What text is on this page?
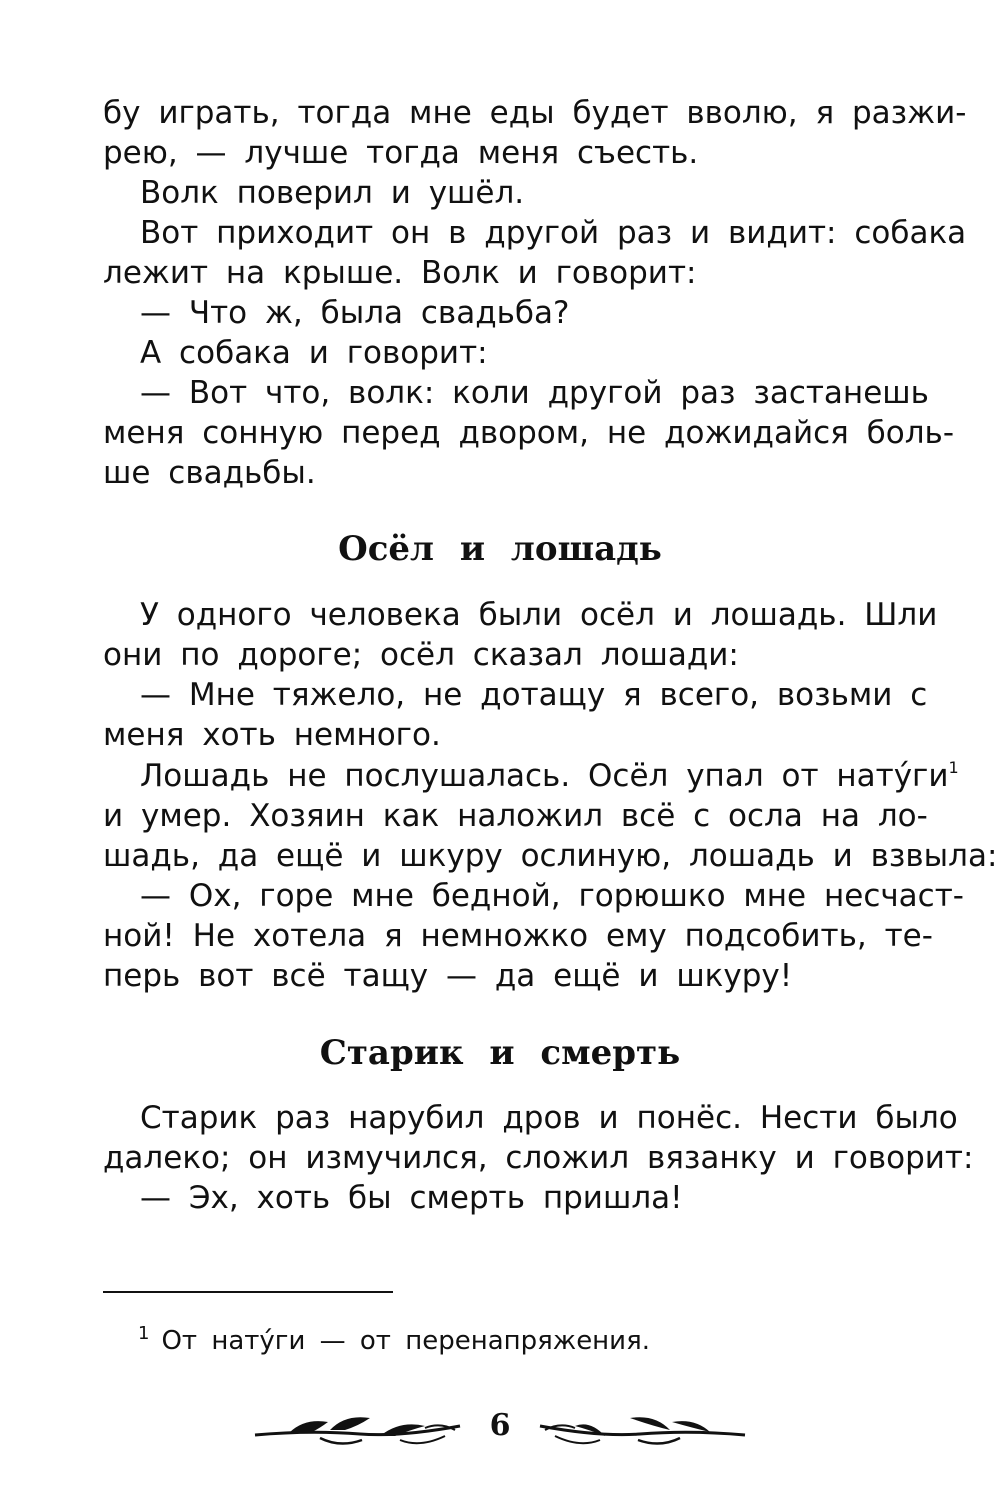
бу играть, тогда мне еды будет вволю, я разжи-
рею, — лучше тогда меня съесть.
Волк поверил и ушёл.
Вот приходит он в другой раз и видит: собака
лежит на крыше. Волк и говорит:
— Что ж, была свадьба?
А собака и говорит:
— Вот что, волк: коли другой раз застанешь
меня сонную перед двором, не дожидайся боль-
ше свадьбы.
Осёл и лошадь
У одного человека были осёл и лошадь. Шли
они по дороге; осёл сказал лошади:
— Мне тяжело, не дотащу я всего, возьми с
меня хоть немного.
Лошадь не послушалась. Осёл упал от $нату́ги^1$
и умер. Хозяин как наложил всё с осла на ло-
шадь, да ещё и шкуру ослиную, лошадь и взвыла:
— Ох, горе мне бедной, горюшко мне несчаст-
ной! Не хотела я немножко ему подсобить, те-
перь вот всё тащу — да ещё и шкуру!
Старик и смерть
Старик раз нарубил дров и понёс. Нести было
далеко; он измучился, сложил вязанку и говорит:
— Эх, хоть бы смерть пришла!
$^1$ От нату́ги — от перенапряжения.
6
